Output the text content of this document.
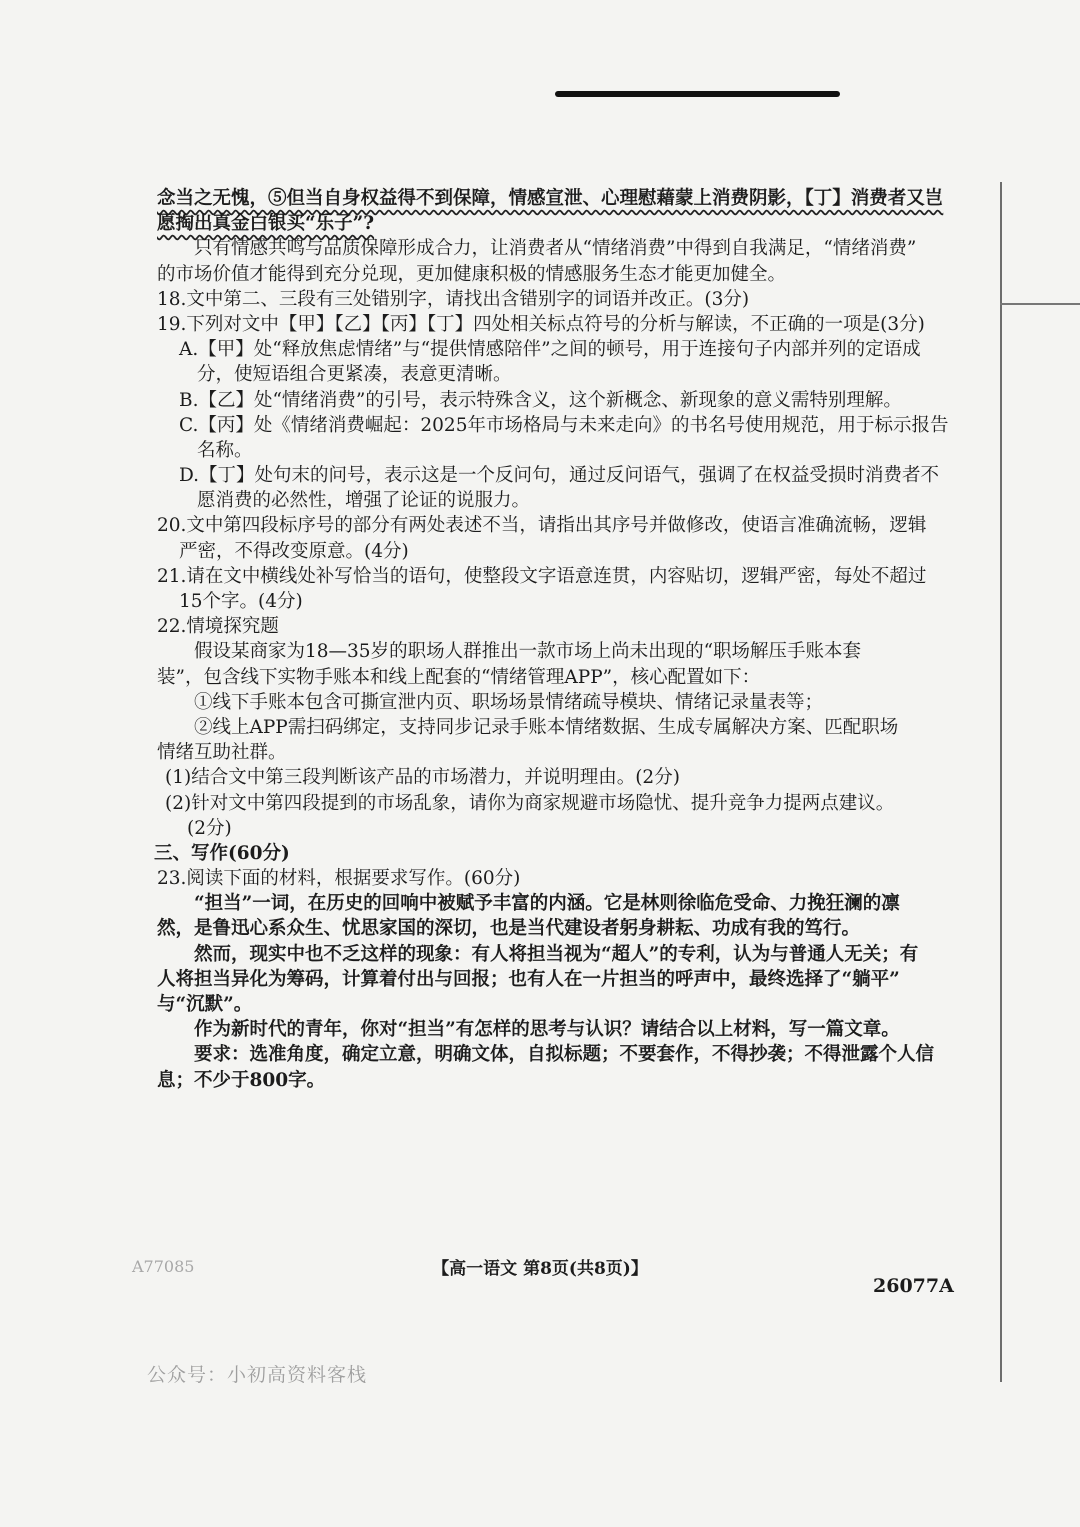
念当之无愧，⑤但当自身权益得不到保障，情感宣泄、心理慰藉蒙上消费阴影，【丁】消费者又岂

愿掏出真金白银买“乐子”?

只有情感共鸣与品质保障形成合力，让消费者从“情绪消费”中得到自我满足，“情绪消费”

的市场价值才能得到充分兑现，更加健康积极的情感服务生态才能更加健全。

18.文中第二、三段有三处错别字，请找出含错别字的词语并改正。(3分)

19.下列对文中【甲】【乙】【丙】【丁】四处相关标点符号的分析与解读，不正确的一项是(3分)

A.【甲】处“释放焦虑情绪”与“提供情感陪伴”之间的顿号，用于连接句子内部并列的定语成

分，使短语组合更紧凑，表意更清晰。

B.【乙】处“情绪消费”的引号，表示特殊含义，这个新概念、新现象的意义需特别理解。

C.【丙】处《情绪消费崛起：2025年市场格局与未来走向》的书名号使用规范，用于标示报告

名称。

D.【丁】处句末的问号，表示这是一个反问句，通过反问语气，强调了在权益受损时消费者不

愿消费的必然性，增强了论证的说服力。

20.文中第四段标序号的部分有两处表述不当，请指出其序号并做修改，使语言准确流畅，逻辑

严密，不得改变原意。(4分)

21.请在文中横线处补写恰当的语句，使整段文字语意连贯，内容贴切，逻辑严密，每处不超过

15个字。(4分)

22.情境探究题

假设某商家为18—35岁的职场人群推出一款市场上尚未出现的“职场解压手账本套

装”，包含线下实物手账本和线上配套的“情绪管理APP”，核心配置如下：

①线下手账本包含可撕宣泄内页、职场场景情绪疏导模块、情绪记录量表等；

②线上APP需扫码绑定，支持同步记录手账本情绪数据、生成专属解决方案、匹配职场

情绪互助社群。

(1)结合文中第三段判断该产品的市场潜力，并说明理由。(2分)

(2)针对文中第四段提到的市场乱象，请你为商家规避市场隐忧、提升竞争力提两点建议。

(2分)

三、写作(60分)

23.阅读下面的材料，根据要求写作。(60分)

“担当”一词，在历史的回响中被赋予丰富的内涵。它是林则徐临危受命、力挽狂澜的凛

然，是鲁迅心系众生、忧思家国的深切，也是当代建设者躬身耕耘、功成有我的笃行。

然而，现实中也不乏这样的现象：有人将担当视为“超人”的专利，认为与普通人无关；有

人将担当异化为筹码，计算着付出与回报；也有人在一片担当的呼声中，最终选择了“躺平”

与“沉默”。

作为新时代的青年，你对“担当”有怎样的思考与认识？请结合以上材料，写一篇文章。

要求：选准角度，确定立意，明确文体，自拟标题；不要套作，不得抄袭；不得泄露个人信

息；不少于800字。

A77085	【高一语文 第8页(共8页)】
26077A
公众号：小初高资料客栈
